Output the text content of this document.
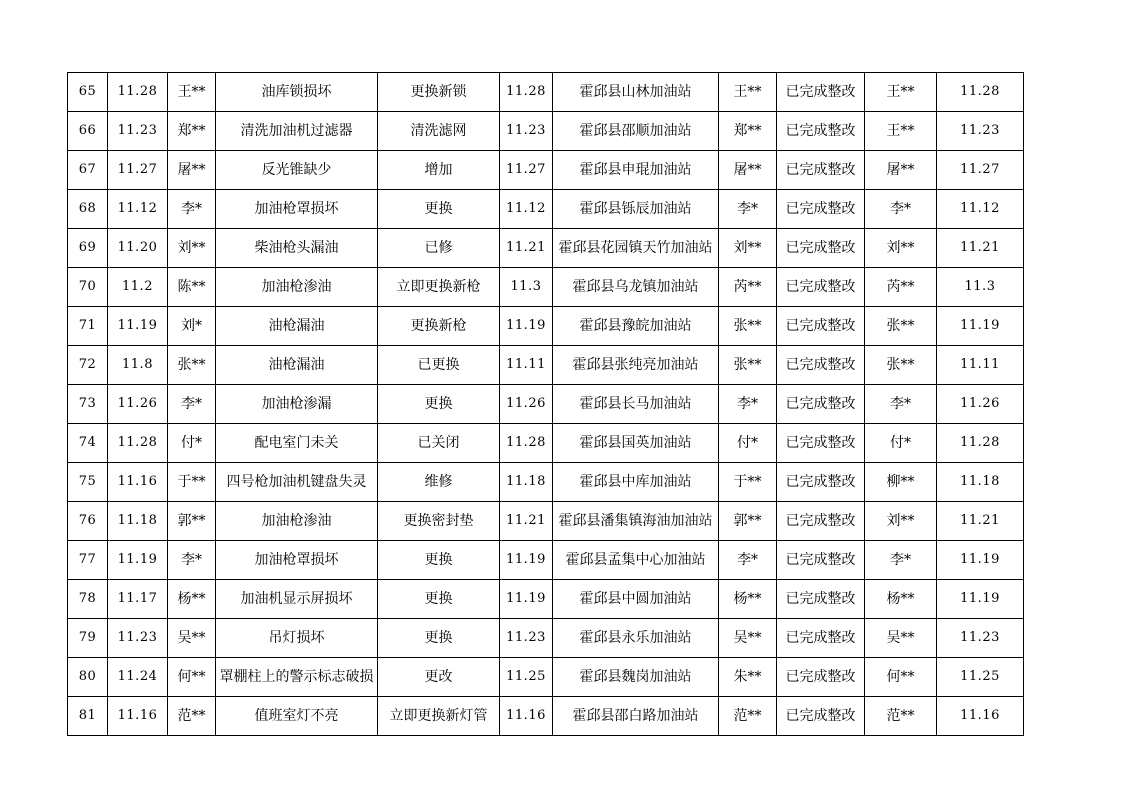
65	11.28	王**	油库锁损坏	更换新锁	11.28	霍邱县山林加油站	王**	已完成整改	王**	11.28
66	11.23	郑**	清洗加油机过滤器	清洗滤网	11.23	霍邱县邵顺加油站	郑**	已完成整改	王**	11.23
67	11.27	屠**	反光锥缺少	增加	11.27	霍邱县申琨加油站	屠**	已完成整改	屠**	11.27
68	11.12	李*	加油枪罩损坏	更换	11.12	霍邱县铄辰加油站	李*	已完成整改	李*	11.12
69	11.20	刘**	柴油枪头漏油	已修	11.21	霍邱县花园镇天竹加油站	刘**	已完成整改	刘**	11.21
70	11.2	陈**	加油枪渗油	立即更换新枪	11.3	霍邱县乌龙镇加油站	芮**	已完成整改	芮**	11.3
71	11.19	刘*	油枪漏油	更换新枪	11.19	霍邱县豫皖加油站	张**	已完成整改	张**	11.19
72	11.8	张**	油枪漏油	已更换	11.11	霍邱县张纯亮加油站	张**	已完成整改	张**	11.11
73	11.26	李*	加油枪渗漏	更换	11.26	霍邱县长马加油站	李*	已完成整改	李*	11.26
74	11.28	付*	配电室门未关	已关闭	11.28	霍邱县国英加油站	付*	已完成整改	付*	11.28
75	11.16	于**	四号枪加油机键盘失灵	维修	11.18	霍邱县中库加油站	于**	已完成整改	柳**	11.18
76	11.18	郭**	加油枪渗油	更换密封垫	11.21	霍邱县潘集镇海油加油站	郭**	已完成整改	刘**	11.21
77	11.19	李*	加油枪罩损坏	更换	11.19	霍邱县孟集中心加油站	李*	已完成整改	李*	11.19
78	11.17	杨**	加油机显示屏损坏	更换	11.19	霍邱县中圆加油站	杨**	已完成整改	杨**	11.19
79	11.23	吴**	吊灯损坏	更换	11.23	霍邱县永乐加油站	吴**	已完成整改	吴**	11.23
80	11.24	何**	罩棚柱上的警示标志破损	更改	11.25	霍邱县魏岗加油站	朱**	已完成整改	何**	11.25
81	11.16	范**	值班室灯不亮	立即更换新灯管	11.16	霍邱县邵白路加油站	范**	已完成整改	范**	11.16
